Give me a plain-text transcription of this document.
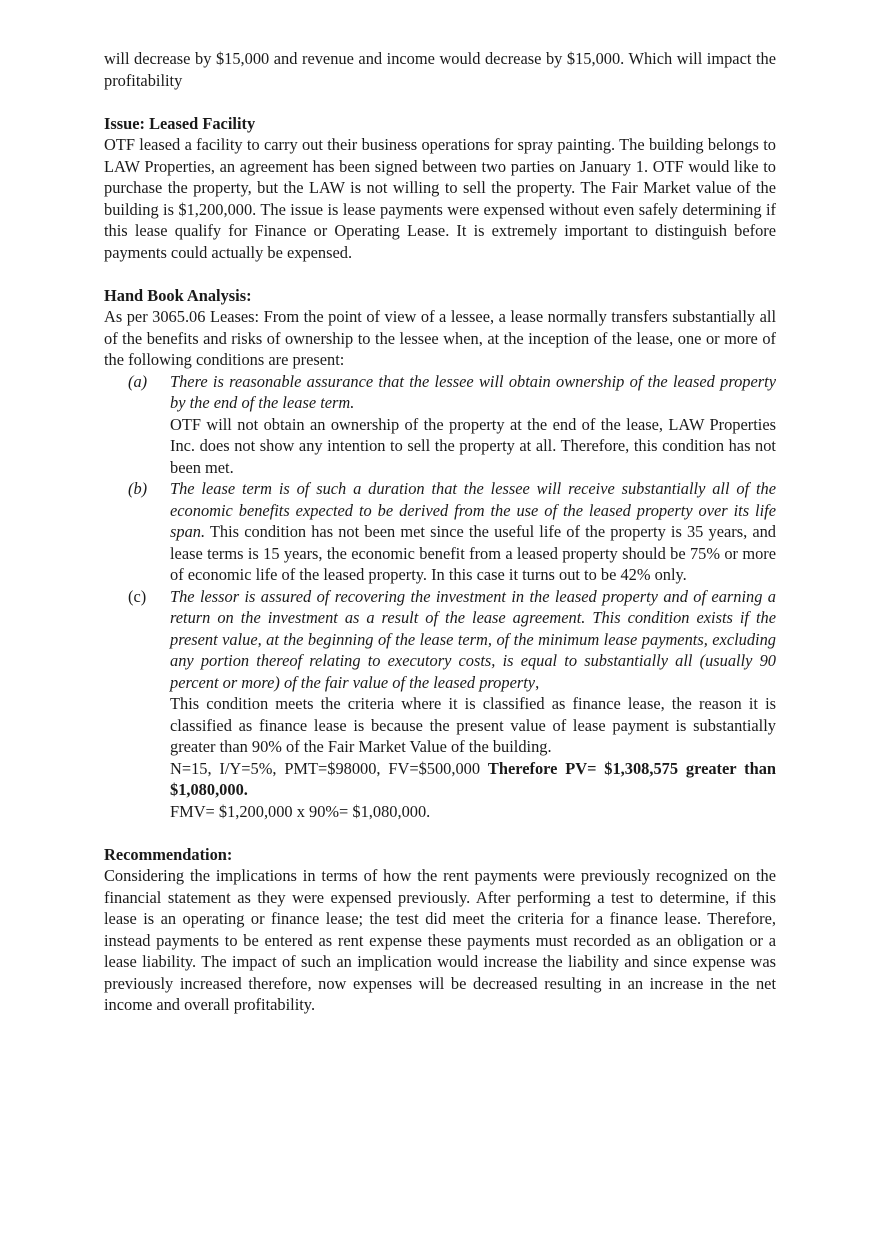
will decrease by $15,000 and revenue and income would decrease by $15,000. Which will impact the profitability

Issue: Leased Facility

OTF leased a facility to carry out their business operations for spray painting. The building belongs to LAW Properties, an agreement has been signed between two parties on January 1. OTF would like to purchase the property, but the LAW is not willing to sell the property. The Fair Market value of the building is $1,200,000. The issue is lease payments were expensed without even safely determining if this lease qualify for Finance or Operating Lease. It is extremely important to distinguish before payments could actually be expensed.

Hand Book Analysis:

As per 3065.06 Leases: From the point of view of a lessee, a lease normally transfers substantially all of the benefits and risks of ownership to the lessee when, at the inception of the lease, one or more of the following conditions are present:

(a) There is reasonable assurance that the lessee will obtain ownership of the leased property by the end of the lease term.

OTF will not obtain an ownership of the property at the end of the lease, LAW Properties Inc. does not show any intention to sell the property at all. Therefore, this condition has not been met.

(b) The lease term is of such a duration that the lessee will receive substantially all of the economic benefits expected to be derived from the use of the leased property over its life span. This condition has not been met since the useful life of the property is 35 years, and lease terms is 15 years, the economic benefit from a leased property should be 75% or more of economic life of the leased property. In this case it turns out to be 42% only.

(c) The lessor is assured of recovering the investment in the leased property and of earning a return on the investment as a result of the lease agreement. This condition exists if the present value, at the beginning of the lease term, of the minimum lease payments, excluding any portion thereof relating to executory costs, is equal to substantially all (usually 90 percent or more) of the fair value of the leased property,

This condition meets the criteria where it is classified as finance lease, the reason it is classified as finance lease is because the present value of lease payment is substantially greater than 90% of the Fair Market Value of the building.

N=15, I/Y=5%, PMT=$98000, FV=$500,000 Therefore PV= $1,308,575 greater than $1,080,000.

FMV= $1,200,000 x 90%= $1,080,000.

Recommendation:

Considering the implications in terms of how the rent payments were previously recognized on the financial statement as they were expensed previously. After performing a test to determine, if this lease is an operating or finance lease; the test did meet the criteria for a finance lease. Therefore, instead payments to be entered as rent expense these payments must recorded as an obligation or a lease liability. The impact of such an implication would increase the liability and since expense was previously increased therefore, now expenses will be decreased resulting in an increase in the net income and overall profitability.
